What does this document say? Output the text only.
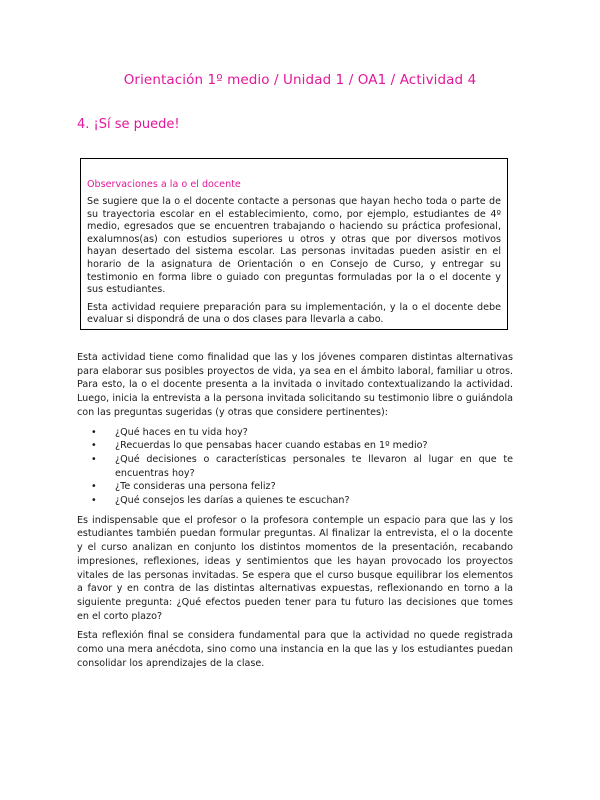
Orientación 1º medio / Unidad 1 / OA1 / Actividad 4
4. ¡Sí se puede!

Observaciones a la o el docente

Se sugiere que la o el docente contacte a personas que hayan hecho toda o parte de su trayectoria escolar en el establecimiento, como, por ejemplo, estudiantes de 4º medio, egresados que se encuentren trabajando o haciendo su práctica profesional, exalumnos(as) con estudios superiores u otros y otras que por diversos motivos hayan desertado del sistema escolar. Las personas invitadas pueden asistir en el horario de la asignatura de Orientación o en Consejo de Curso, y entregar su testimonio en forma libre o guiado con preguntas formuladas por la o el docente y sus estudiantes.

Esta actividad requiere preparación para su implementación, y la o el docente debe evaluar si dispondrá de una o dos clases para llevarla a cabo.

Esta actividad tiene como finalidad que las y los jóvenes comparen distintas alternativas para elaborar sus posibles proyectos de vida, ya sea en el ámbito laboral, familiar u otros. Para esto, la o el docente presenta a la invitada o invitado contextualizando la actividad. Luego, inicia la entrevista a la persona invitada solicitando su testimonio libre o guiándola con las preguntas sugeridas (y otras que considere pertinentes):

• ¿Qué haces en tu vida hoy?
• ¿Recuerdas lo que pensabas hacer cuando estabas en 1º medio?
• ¿Qué decisiones o características personales te llevaron al lugar en que te encuentras hoy?
• ¿Te consideras una persona feliz?
• ¿Qué consejos les darías a quienes te escuchan?

Es indispensable que el profesor o la profesora contemple un espacio para que las y los estudiantes también puedan formular preguntas. Al finalizar la entrevista, el o la docente y el curso analizan en conjunto los distintos momentos de la presentación, recabando impresiones, reflexiones, ideas y sentimientos que les hayan provocado los proyectos vitales de las personas invitadas. Se espera que el curso busque equilibrar los elementos a favor y en contra de las distintas alternativas expuestas, reflexionando en torno a la siguiente pregunta: ¿Qué efectos pueden tener para tu futuro las decisiones que tomes en el corto plazo?

Esta reflexión final se considera fundamental para que la actividad no quede registrada como una mera anécdota, sino como una instancia en la que las y los estudiantes puedan consolidar los aprendizajes de la clase.
